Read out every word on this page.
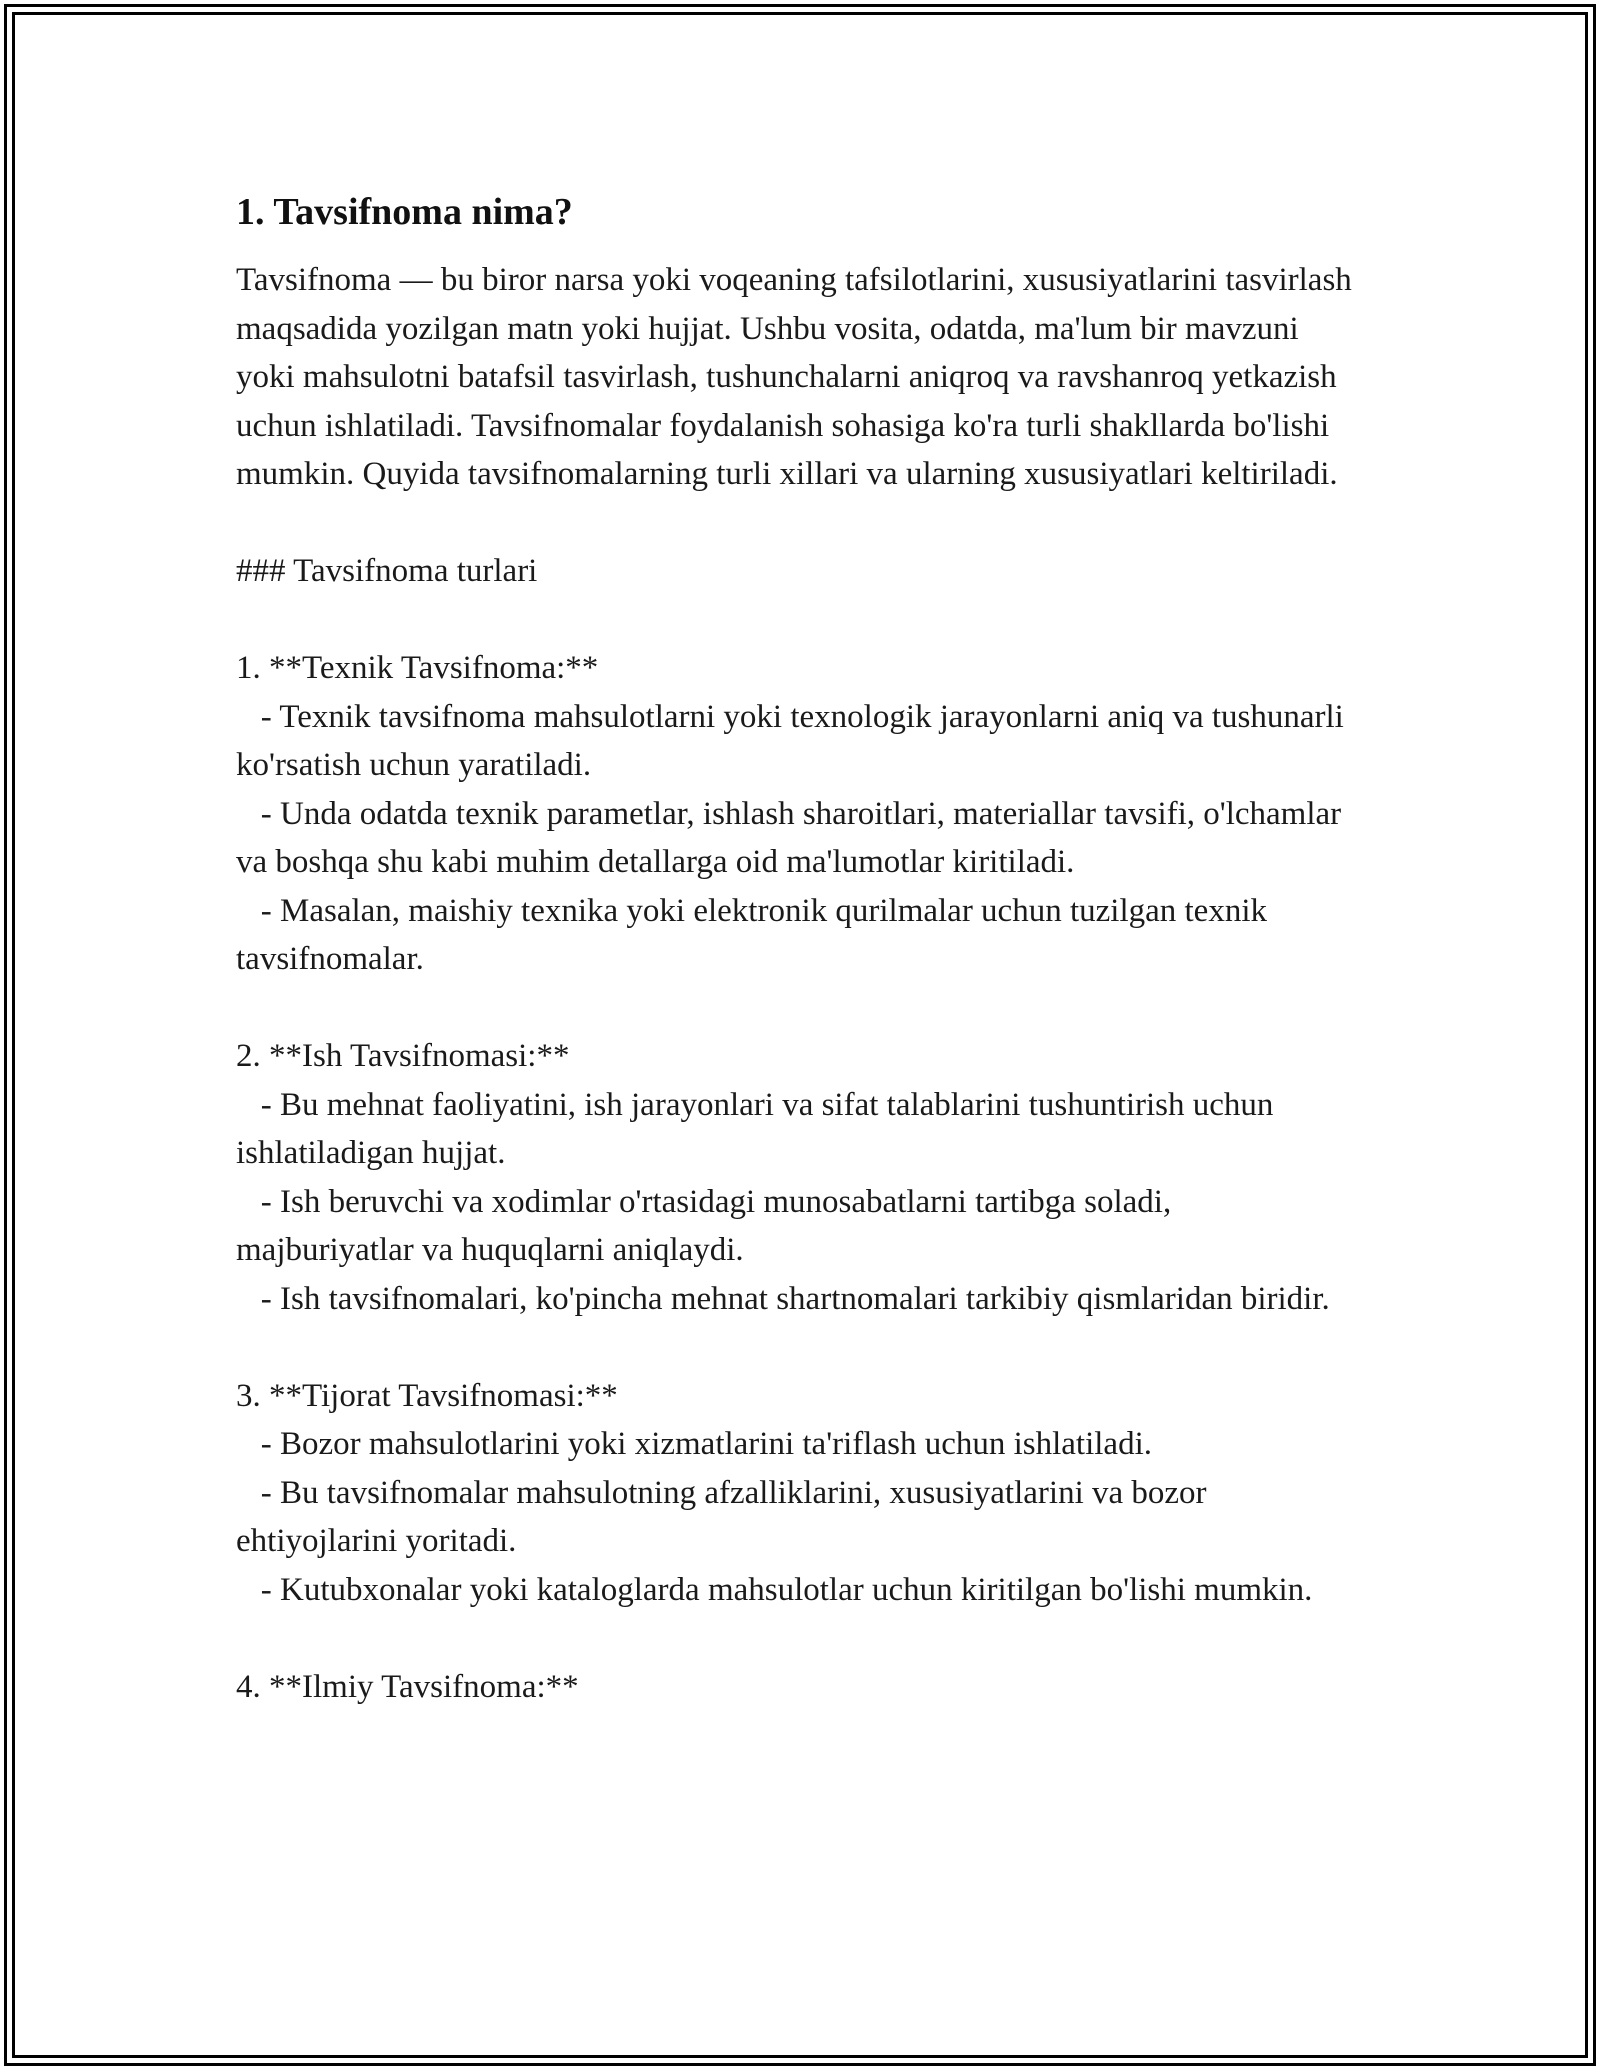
1. Tavsifnoma nima?

Tavsifnoma — bu biror narsa yoki voqeaning tafsilotlarini, xususiyatlarini tasvirlash maqsadida yozilgan matn yoki hujjat. Ushbu vosita, odatda, ma'lum bir mavzuni yoki mahsulotni batafsil tasvirlash, tushunchalarni aniqroq va ravshanroq yetkazish uchun ishlatiladi. Tavsifnomalar foydalanish sohasiga ko'ra turli shakllarda bo'lishi mumkin. Quyida tavsifnomalarning turli xillari va ularning xususiyatlari keltiriladi.

### Tavsifnoma turlari

1. **Texnik Tavsifnoma:**

- Texnik tavsifnoma mahsulotlarni yoki texnologik jarayonlarni aniq va tushunarli ko'rsatish uchun yaratiladi.

- Unda odatda texnik parametlar, ishlash sharoitlari, materiallar tavsifi, o'lchamlar va boshqa shu kabi muhim detallarga oid ma'lumotlar kiritiladi.

- Masalan, maishiy texnika yoki elektronik qurilmalar uchun tuzilgan texnik tavsifnomalar.

2. **Ish Tavsifnomasi:**

- Bu mehnat faoliyatini, ish jarayonlari va sifat talablarini tushuntirish uchun ishlatiladigan hujjat.

- Ish beruvchi va xodimlar o'rtasidagi munosabatlarni tartibga soladi, majburiyatlar va huquqlarni aniqlaydi.

- Ish tavsifnomalari, ko'pincha mehnat shartnomalari tarkibiy qismlaridan biridir.

3. **Tijorat Tavsifnomasi:**

- Bozor mahsulotlarini yoki xizmatlarini ta'riflash uchun ishlatiladi.

- Bu tavsifnomalar mahsulotning afzalliklarini, xususiyatlarini va bozor ehtiyojlarini yoritadi.

- Kutubxonalar yoki kataloglarda mahsulotlar uchun kiritilgan bo'lishi mumkin.

4. **Ilmiy Tavsifnoma:**
